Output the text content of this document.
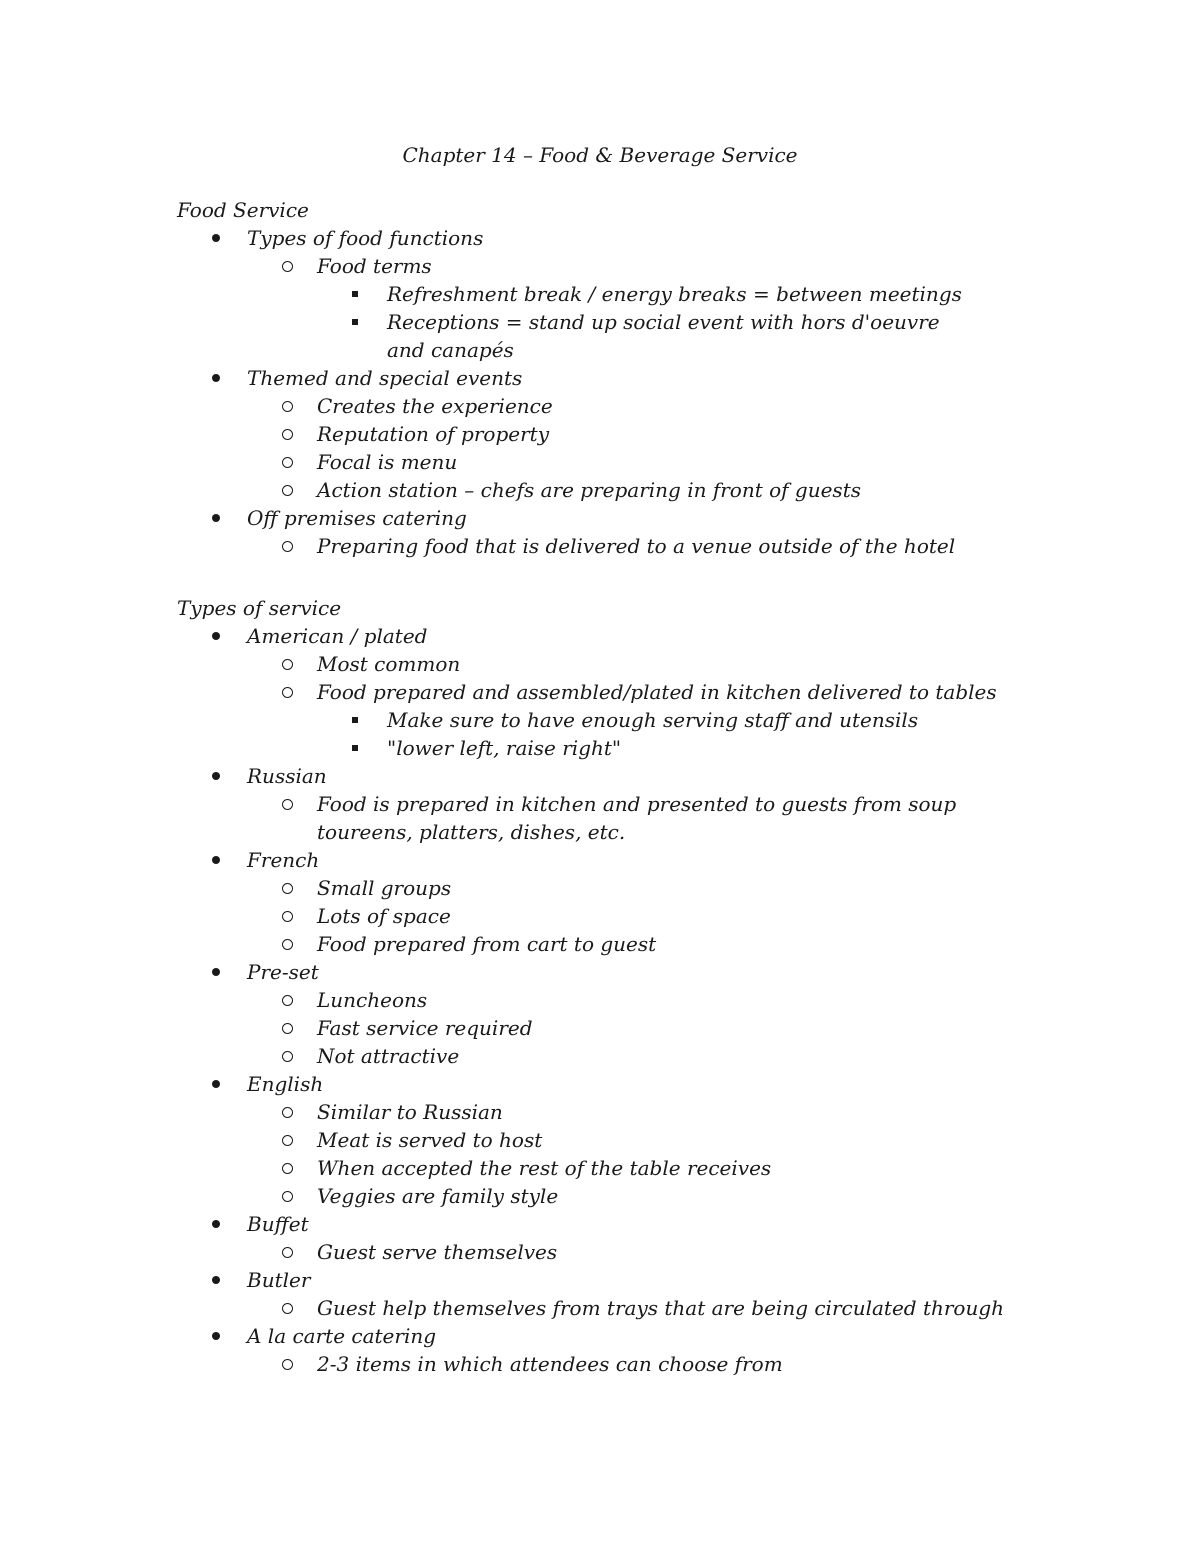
Chapter 14 – Food & Beverage Service
Food Service
Types of food functions
Food terms
Refreshment break / energy breaks = between meetings
Receptions = stand up social event with hors d'oeuvre and canapés
Themed and special events
Creates the experience
Reputation of property
Focal is menu
Action station – chefs are preparing in front of guests
Off premises catering
Preparing food that is delivered to a venue outside of the hotel
Types of service
American / plated
Most common
Food prepared and assembled/plated in kitchen delivered to tables
Make sure to have enough serving staff and utensils
"lower left, raise right"
Russian
Food is prepared in kitchen and presented to guests from soup toureens, platters, dishes, etc.
French
Small groups
Lots of space
Food prepared from cart to guest
Pre-set
Luncheons
Fast service required
Not attractive
English
Similar to Russian
Meat is served to host
When accepted the rest of the table receives
Veggies are family style
Buffet
Guest serve themselves
Butler
Guest help themselves from trays that are being circulated through
A la carte catering
2-3 items in which attendees can choose from
